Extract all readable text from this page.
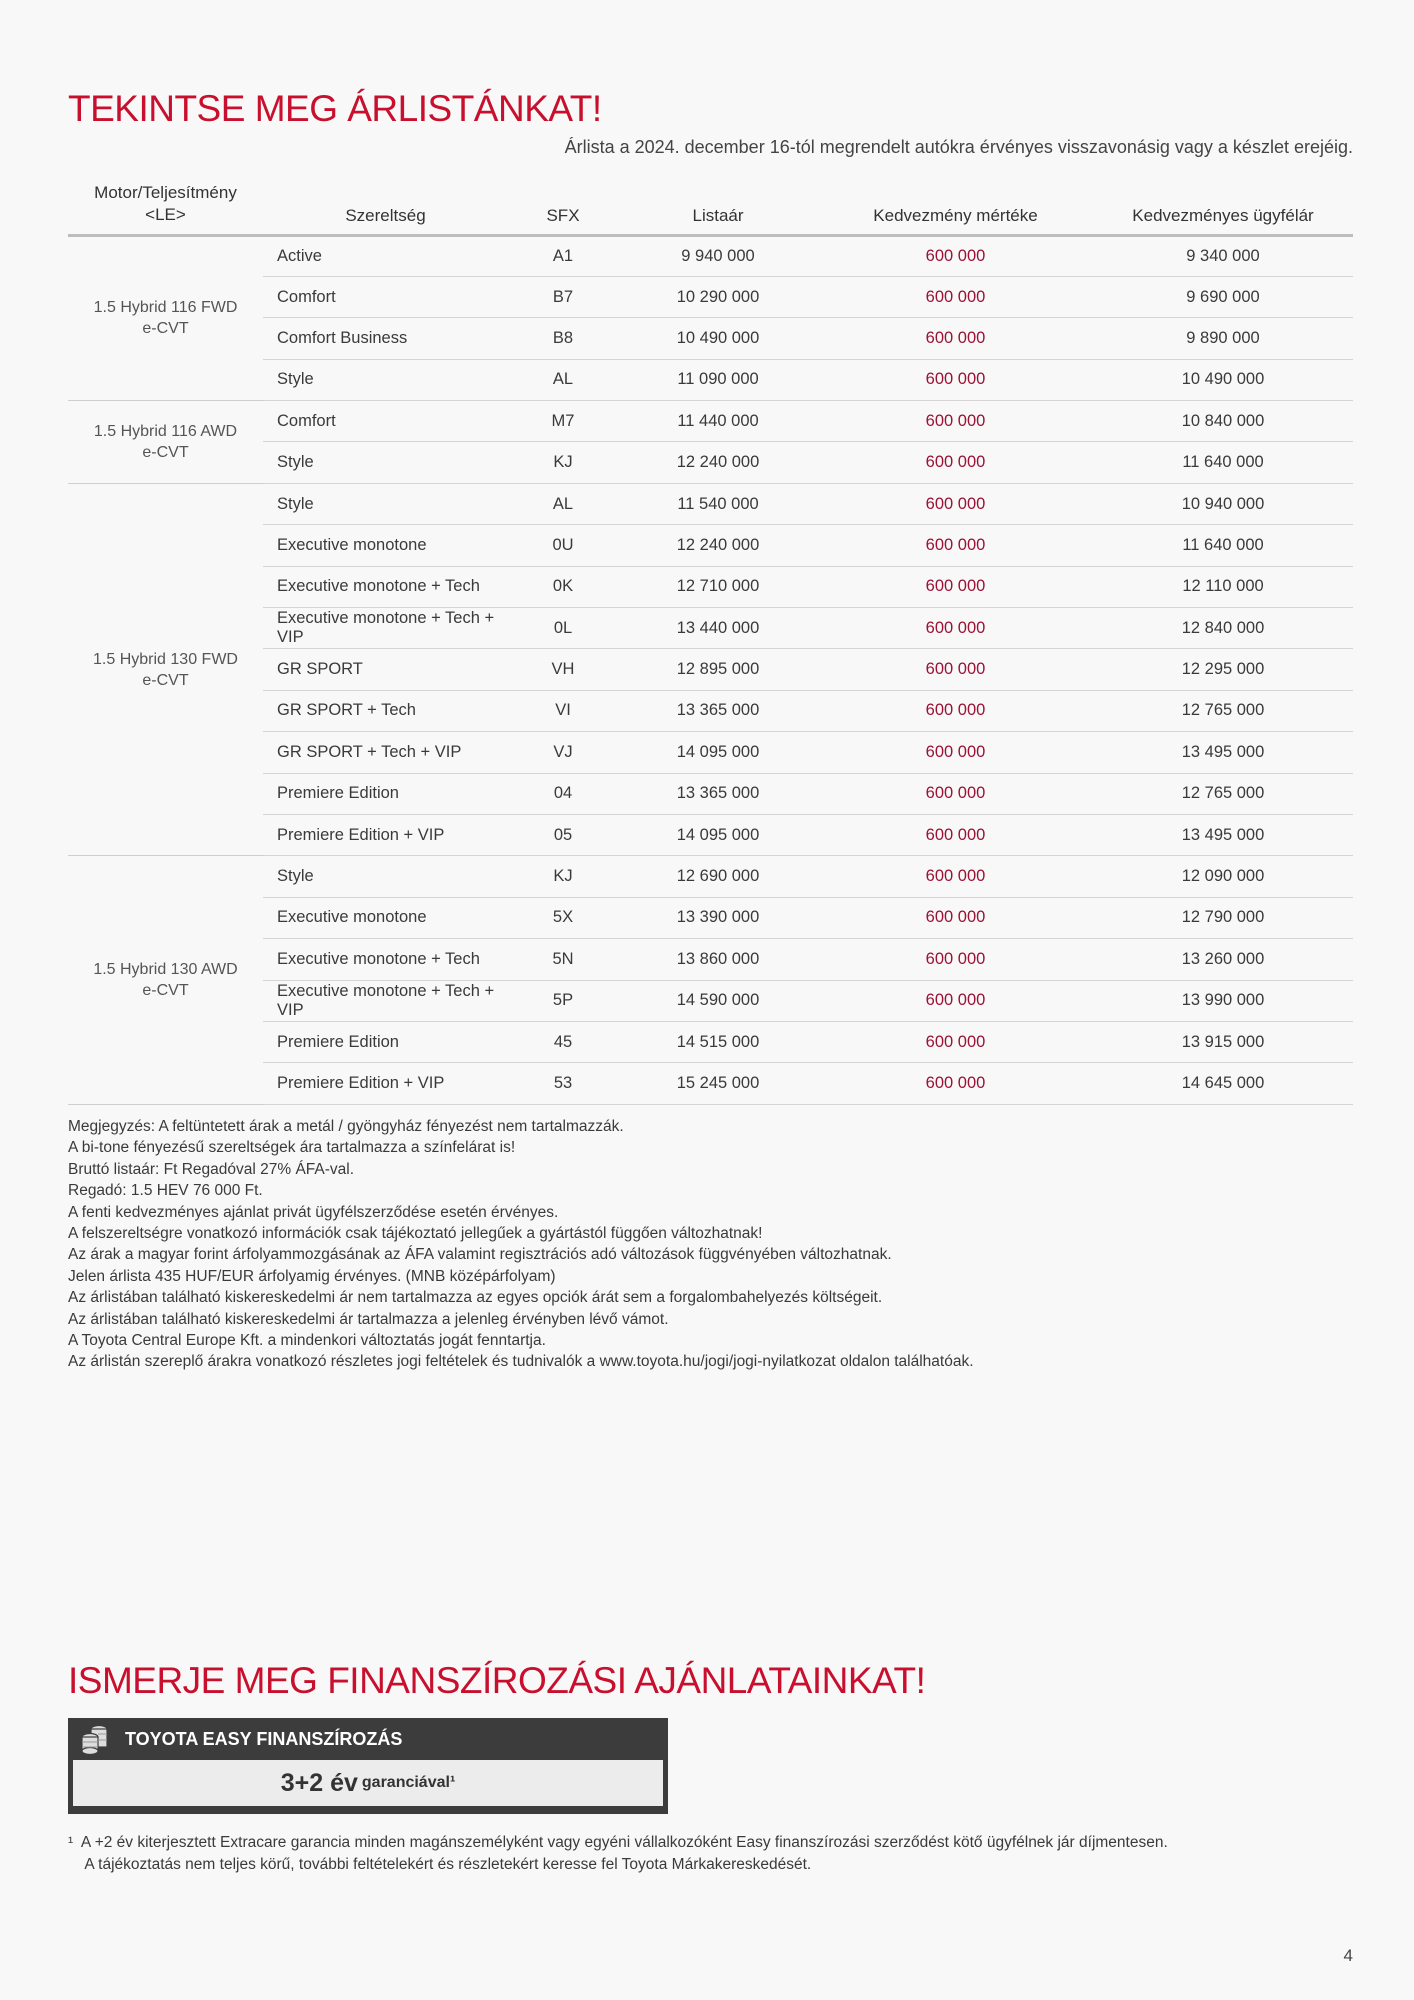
TEKINTSE MEG ÁRLISTÁNKAT!
Árlista a 2024. december 16-tól megrendelt autókra érvényes visszavonásig vagy a készlet erejéig.
Motor/Teljesítmény
<LE>	Szereltség	SFX	Listaár	Kedvezmény mértéke	Kedvezményes ügyfélár
1.5 Hybrid 116 FWD
e-CVT	Active	A1	9 940 000	600 000	9 340 000
	Comfort	B7	10 290 000	600 000	9 690 000
	Comfort Business	B8	10 490 000	600 000	9 890 000
	Style	AL	11 090 000	600 000	10 490 000
1.5 Hybrid 116 AWD
e-CVT	Comfort	M7	11 440 000	600 000	10 840 000
	Style	KJ	12 240 000	600 000	11 640 000
1.5 Hybrid 130 FWD
e-CVT	Style	AL	11 540 000	600 000	10 940 000
	Executive monotone	0U	12 240 000	600 000	11 640 000
	Executive monotone + Tech	0K	12 710 000	600 000	12 110 000
	Executive monotone + Tech + VIP	0L	13 440 000	600 000	12 840 000
	GR SPORT	VH	12 895 000	600 000	12 295 000
	GR SPORT + Tech	VI	13 365 000	600 000	12 765 000
	GR SPORT + Tech + VIP	VJ	14 095 000	600 000	13 495 000
	Premiere Edition	04	13 365 000	600 000	12 765 000
	Premiere Edition + VIP	05	14 095 000	600 000	13 495 000
1.5 Hybrid 130 AWD
e-CVT	Style	KJ	12 690 000	600 000	12 090 000
	Executive monotone	5X	13 390 000	600 000	12 790 000
	Executive monotone + Tech	5N	13 860 000	600 000	13 260 000
	Executive monotone + Tech + VIP	5P	14 590 000	600 000	13 990 000
	Premiere Edition	45	14 515 000	600 000	13 915 000
	Premiere Edition + VIP	53	15 245 000	600 000	14 645 000
Megjegyzés: A feltüntetett árak a metál / gyöngyház fényezést nem tartalmazzák.
A bi-tone fényezésű szereltségek ára tartalmazza a színfelárat is!
Bruttó listaár: Ft Regadóval 27% ÁFA-val.
Regadó: 1.5 HEV 76 000 Ft.
A fenti kedvezményes ajánlat privát ügyfélszerződése esetén érvényes.
A felszereltségre vonatkozó információk csak tájékoztató jellegűek a gyártástól függően változhatnak!
Az árak a magyar forint árfolyammozgásának az ÁFA valamint regisztrációs adó változások függvényében változhatnak.
Jelen árlista 435 HUF/EUR árfolyamig érvényes. (MNB középárfolyam)
Az árlistában található kiskereskedelmi ár nem tartalmazza az egyes opciók árát sem a forgalombahelyezés költségeit.
Az árlistában található kiskereskedelmi ár tartalmazza a jelenleg érvényben lévő vámot.
A Toyota Central Europe Kft. a mindenkori változtatás jogát fenntartja.
Az árlistán szereplő árakra vonatkozó részletes jogi feltételek és tudnivalók a www.toyota.hu/jogi/jogi-nyilatkozat oldalon találhatóak.
ISMERJE MEG FINANSZÍROZÁSI AJÁNLATAINKAT!
TOYOTA EASY FINANSZÍROZÁS
3+2 év garanciával¹
¹  A +2 év kiterjesztett Extracare garancia minden magánszemélyként vagy egyéni vállalkozóként Easy finanszírozási szerződést kötő ügyfélnek jár díjmentesen.
A tájékoztatás nem teljes körű, további feltételekért és részletekért keresse fel Toyota Márkakereskedését.
4
